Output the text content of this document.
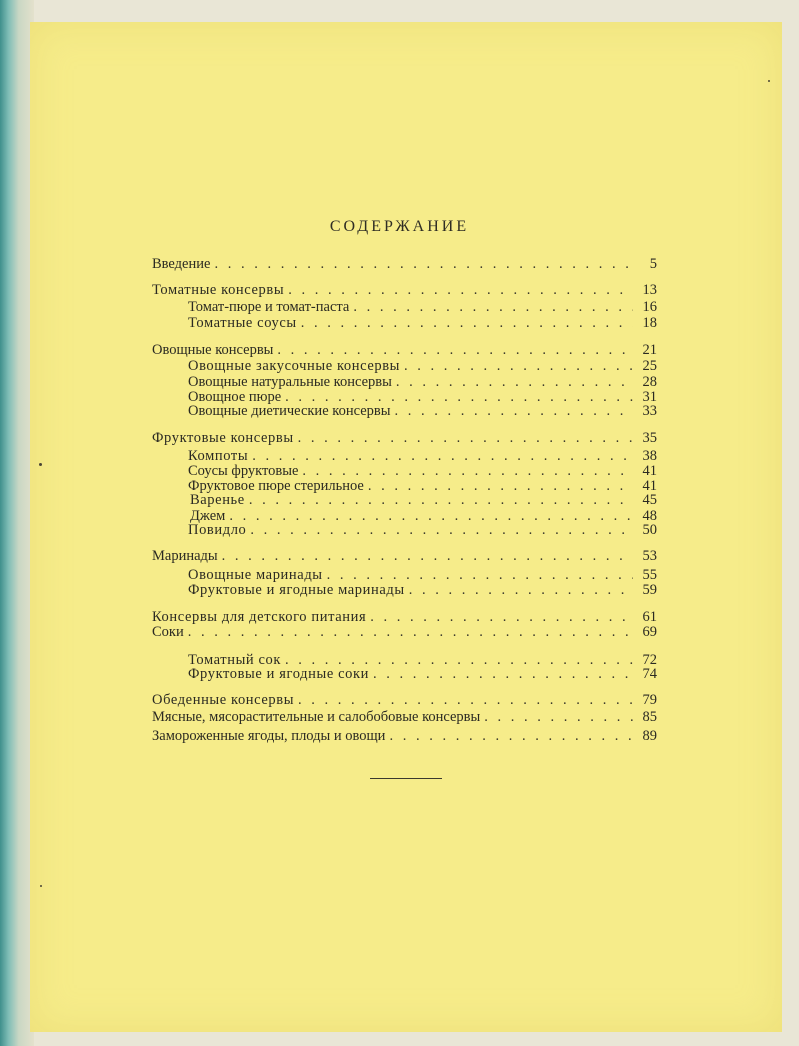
СОДЕРЖАНИЕ
Введение . . .	5
Томатные консервы . . .	13
Томат-пюре и томат-паста . . .	16
Томатные соусы . . .	18
Овощные консервы . . .	21
Овощные закусочные консервы . . .	25
Овощные натуральные консервы . . .	28
Овощное пюре . . .	31
Овощные диетические консервы . . .	33
Фруктовые консервы . . .	35
Компоты . . .	38
Соусы фруктовые . . .	41
Фруктовое пюре стерильное . . .	41
Варенье . . .	45
Джем . . .	48
Повидло . . .	50
Маринады . . .	53
Овощные маринады . . .	55
Фруктовые и ягодные маринады . . .	59
Консервы для детского питания . . .	61
Соки . . .	69
Томатный сок . . .	72
Фруктовые и ягодные соки . . .	74
Обеденные консервы . . .	79
Мясные, мясорастительные и салобобовые консервы . . .	85
Замороженные ягоды, плоды и овощи . . .	89
